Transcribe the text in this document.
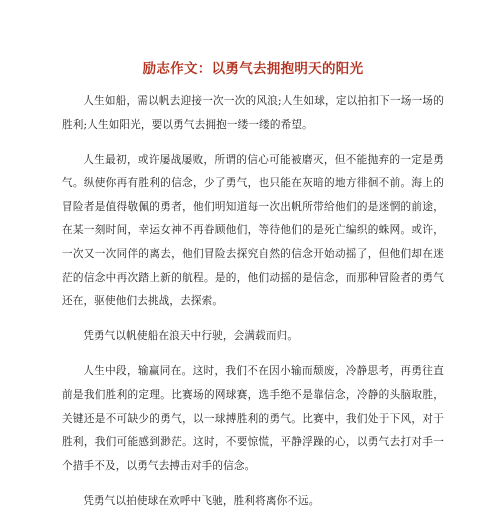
励志作文：以勇气去拥抱明天的阳光

人生如船，需以帆去迎接一次一次的风浪;人生如球，定以拍扣下一场一场的胜利;人生如阳光，要以勇气去拥抱一缕一缕的希望。

人生最初，或许屡战屡败，所谓的信心可能被磨灭，但不能抛弃的一定是勇气。纵使你再有胜利的信念，少了勇气，也只能在灰暗的地方徘徊不前。海上的冒险者是值得敬佩的勇者，他们明知道每一次出帆所带给他们的是迷惘的前途，在某一刻时间，幸运女神不再眷顾他们，等待他们的是死亡编织的蛛网。或许，一次又一次同伴的离去，他们冒险去探究自然的信念开始动摇了，但他们却在迷茫的信念中再次踏上新的航程。是的，他们动摇的是信念，而那种冒险者的勇气还在，驱使他们去挑战，去探索。

凭勇气以帆使船在浪天中行驶，会满载而归。

人生中段，输赢同在。这时，我们不在因小输而颓废，冷静思考，再勇往直前是我们胜利的定理。比赛场的网球赛，选手绝不是靠信念，冷静的头脑取胜，关键还是不可缺少的勇气，以一球搏胜利的勇气。比赛中，我们处于下风，对于胜利，我们可能感到渺茫。这时，不要惊慌，平静浮躁的心，以勇气去打对手一个措手不及，以勇气去搏击对手的信念。

凭勇气以拍使球在欢呼中飞驰，胜利将离你不远。
